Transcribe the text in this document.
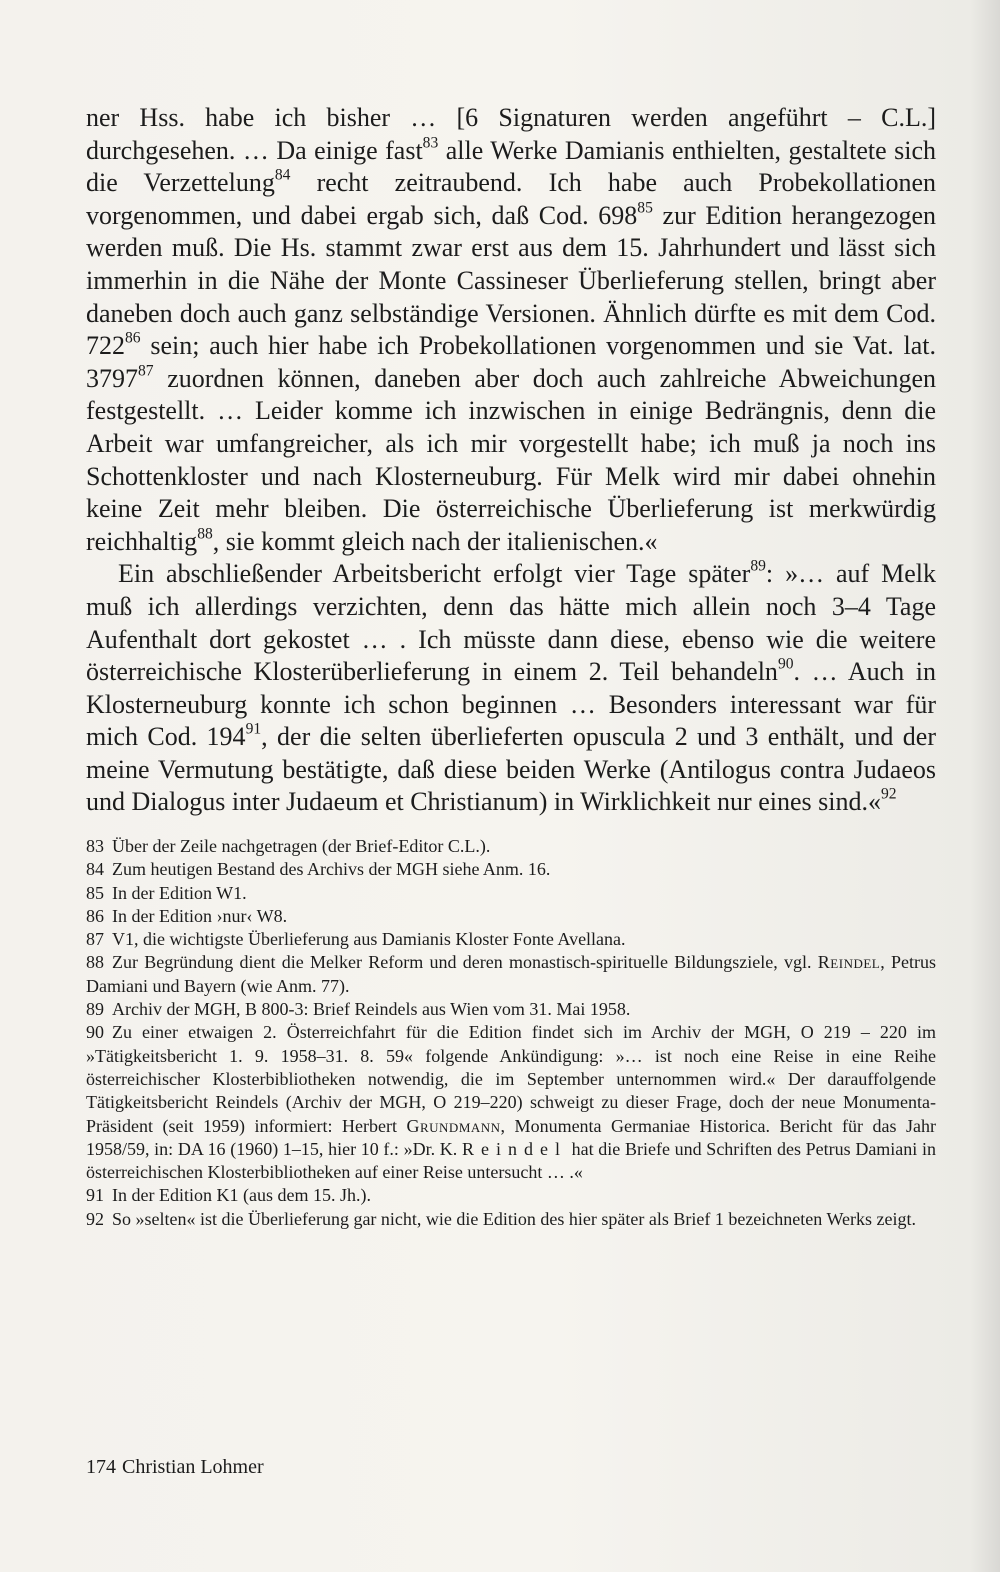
ner Hss. habe ich bisher … [6 Signaturen werden angeführt – C.L.] durchgesehen. … Da einige fast$^{83}$ alle Werke Damianis enthielten, gestaltete sich die Verzettelung$^{84}$ recht zeitraubend. Ich habe auch Probekollationen vorgenommen, und dabei ergab sich, daß Cod. $698^{85}$ zur Edition herangezogen werden muß. Die Hs. stammt zwar erst aus dem 15. Jahrhundert und lässt sich immerhin in die Nähe der Monte Cassineser Überlieferung stellen, bringt aber daneben doch auch ganz selbständige Versionen. Ähnlich dürfte es mit dem Cod. $722^{86}$ sein; auch hier habe ich Probekollationen vorgenommen und sie Vat. lat. 3797$^{87}$ zuordnen können, daneben aber doch auch zahlreiche Abweichungen festgestellt. … Leider komme ich inzwischen in einige Bedrängnis, denn die Arbeit war umfangreicher, als ich mir vorgestellt habe; ich muß ja noch ins Schottenkloster und nach Klosterneuburg. Für Melk wird mir dabei ohnehin keine Zeit mehr bleiben. Die österreichische Überlieferung ist merkwürdig reichhaltig$^{88}$, sie kommt gleich nach der italienischen.«

Ein abschließender Arbeitsbericht erfolgt vier Tage später$^{89}$: »… auf Melk muß ich allerdings verzichten, denn das hätte mich allein noch 3–4 Tage Aufenthalt dort gekostet … . Ich müsste dann diese, ebenso wie die weitere österreichische Klosterüberlieferung in einem 2. Teil behandeln$^{90}$. … Auch in Klosterneuburg konnte ich schon beginnen … Besonders interessant war für mich Cod. $194^{91}$, der die selten überlieferten opuscula 2 und 3 enthält, und der meine Vermutung bestätigte, daß diese beiden Werke (Antilogus contra Judaeos und Dialogus inter Judaeum et Christianum) in Wirklichkeit nur eines sind.«$^{92}$

83 Über der Zeile nachgetragen (der Brief-Editor C.L.).

84 Zum heutigen Bestand des Archivs der MGH siehe Anm. 16.

85 In der Edition W1.

86 In der Edition ›nur‹ W8.

87 V1, die wichtigste Überlieferung aus Damianis Kloster Fonte Avellana.

88 Zur Begründung dient die Melker Reform und deren monastisch-spirituelle Bildungsziele, vgl. Reindel, Petrus Damiani und Bayern (wie Anm. 77).

89 Archiv der MGH, B 800-3: Brief Reindels aus Wien vom 31. Mai 1958.

90 Zu einer etwaigen 2. Österreichfahrt für die Edition findet sich im Archiv der MGH, O 219 – 220 im »Tätigkeitsbericht 1. 9. 1958–31. 8. 59« folgende Ankündigung: »… ist noch eine Reise in eine Reihe österreichischer Klosterbibliotheken notwendig, die im September unternommen wird.« Der darauffolgende Tätigkeitsbericht Reindels (Archiv der MGH, O 219–220) schweigt zu dieser Frage, doch der neue Monumenta-Präsident (seit 1959) informiert: Herbert Grundmann, Monumenta Germaniae Historica. Bericht für das Jahr 1958/59, in: DA 16 (1960) 1–15, hier 10 f.: »Dr. K. Reindel hat die Briefe und Schriften des Petrus Damiani in österreichischen Klosterbibliotheken auf einer Reise untersucht … .«

91 In der Edition K1 (aus dem 15. Jh.).

92 So »selten« ist die Überlieferung gar nicht, wie die Edition des hier später als Brief 1 bezeichneten Werks zeigt.

174 Christian Lohmer
